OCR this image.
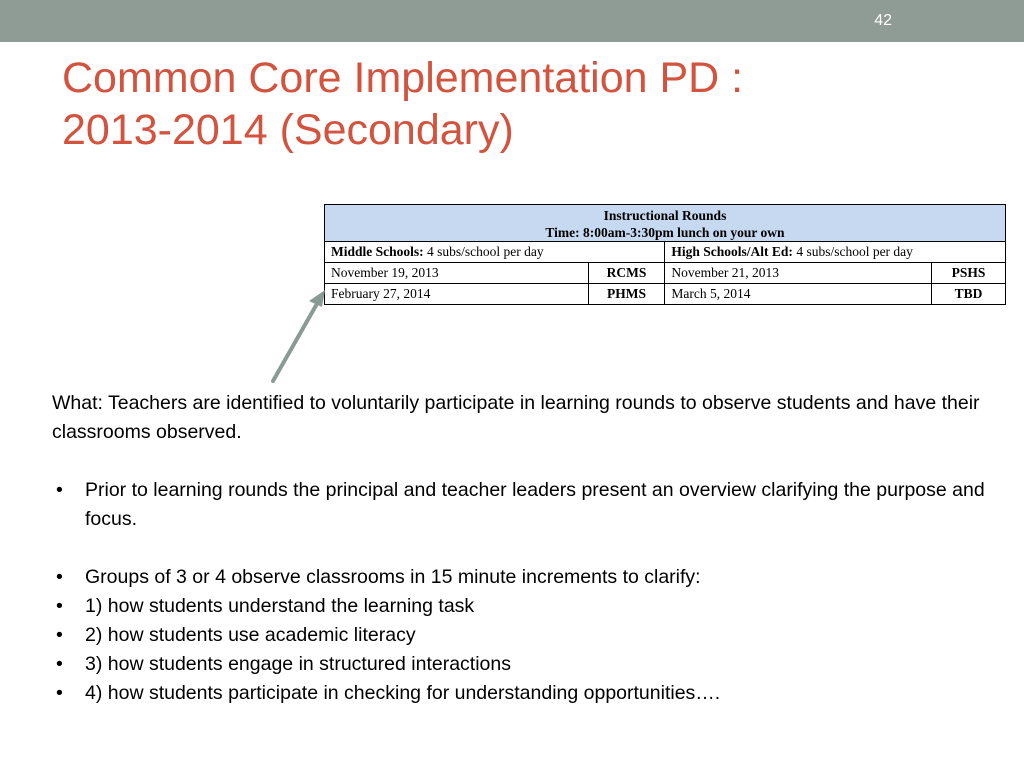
42
Common Core Implementation PD :
2013-2014 (Secondary)
Instructional Rounds
Time: 8:00am-3:30pm lunch on your own			

Middle Schools: 4 subs/school per day		High Schools/Alt Ed: 4 subs/school per day	
November 19, 2013	RCMS	November 21, 2013	PSHS
February 27, 2014	PHMS	March 5, 2014	TBD

What: Teachers are identified to voluntarily participate in learning rounds to observe students and have their classrooms observed.

• Prior to learning rounds the principal and teacher leaders present an overview clarifying the purpose and focus.
• Groups of 3 or 4 observe classrooms in 15 minute increments to clarify:
• 1) how students understand the learning task
• 2) how students use academic literacy
• 3) how students engage in structured interactions
• 4) how students participate in checking for understanding opportunities….
